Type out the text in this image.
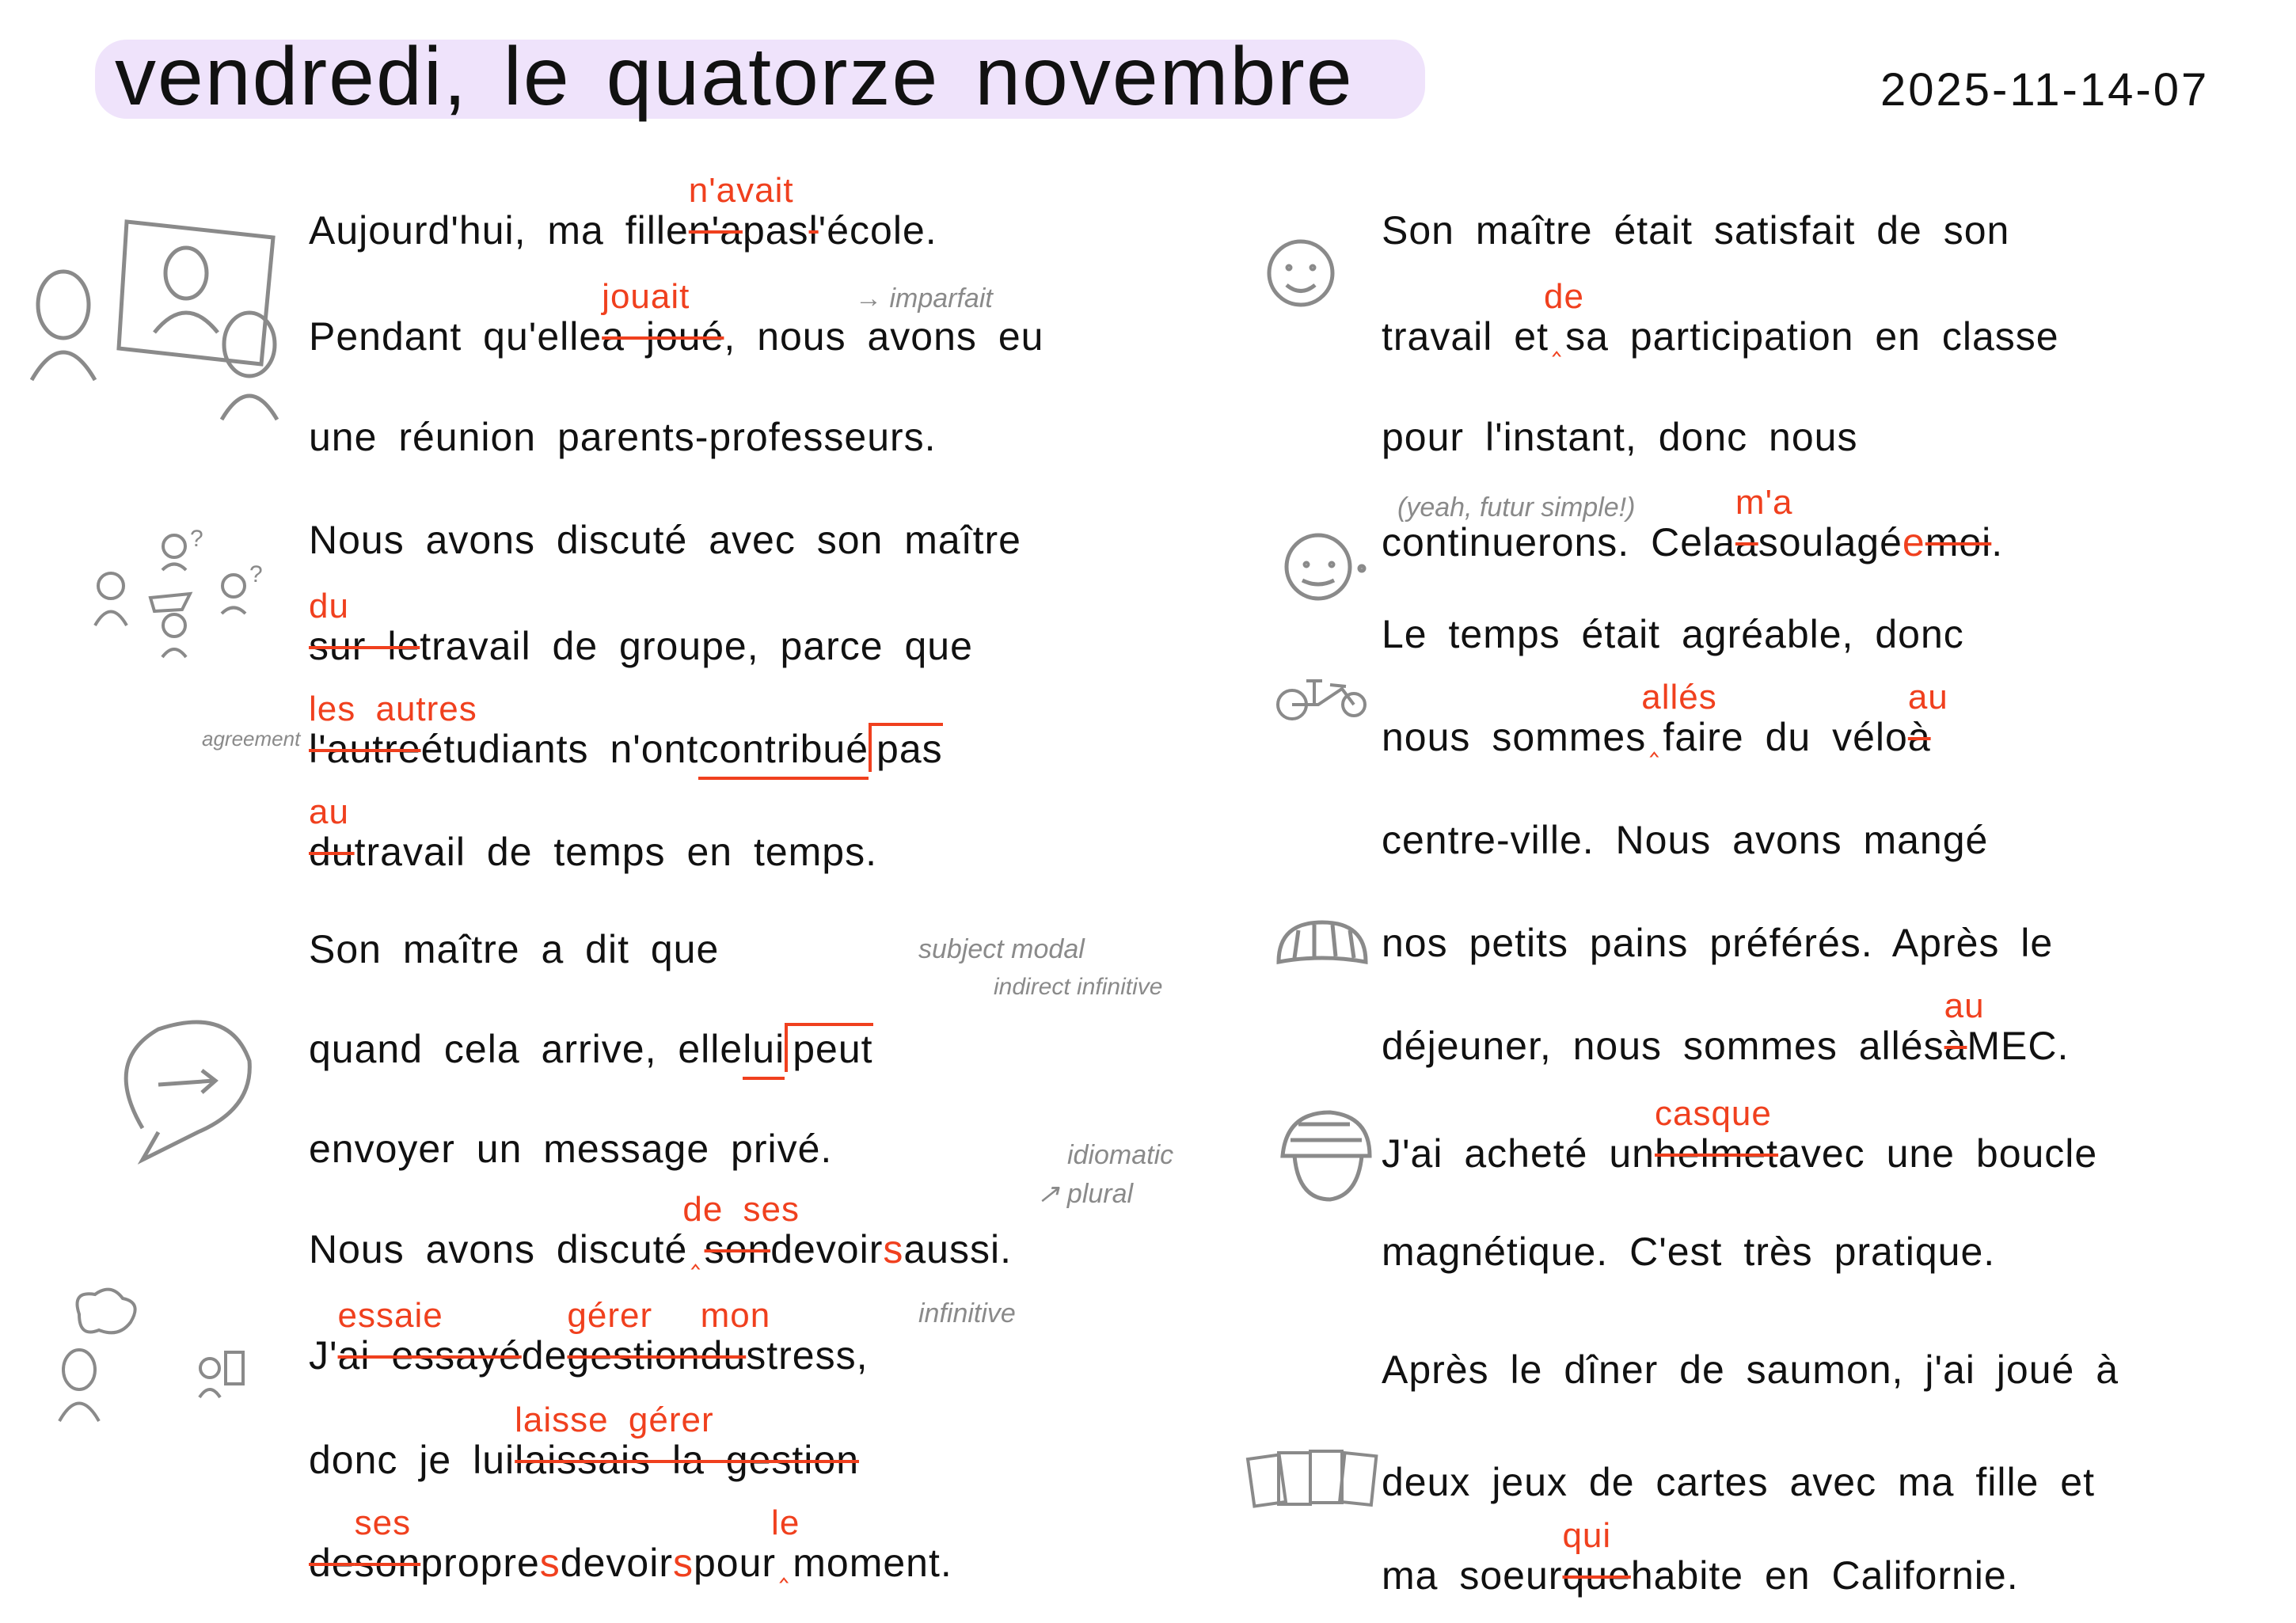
vendredi, le quatorze novembre	2025-11-14-07
Aujourd'hui, ma fillen'a
n'avait
pasl'école.
Pendant qu'ellea joué
jouait
, nous avons eu
une réunion parents-professeurs.
Nous avons discuté avec son maître
sur le
du
travail de groupe, parce que
l'autre
les autres
étudiants n'ontcontribué pas
du
au
travail de temps en temps.
Son maître a dit que
quand cela arrive, ellelui peut
envoyer un message privé.
Nous avons discuté ‸
de ses
sondevoirsaussi.
J'ai essayé
essaie
degestion
gérer
du
mon
stress,
donc je luilaissais la gestion
laisse gérer
deson
ses
propresdevoirspour ‸
le
moment.
Son maître était satisfait de son
travail et ‸
de
sa participation en classe
pour l'instant, donc nous
continuerons. Celaa
m'a
soulagéemoi.
Le temps était agréable, donc
nous sommes ‸
allés
faire du véloà
au
centre-ville. Nous avons mangé
nos petits pains préférés. Après le
déjeuner, nous sommes allésà
au
MEC.
J'ai acheté unhelmet
casque
avec une boucle
magnétique. C'est très pratique.
Après le dîner de saumon, j'ai joué à
deux jeux de cartes avec ma fille et
ma soeurque
qui
habite en Californie.
→ imparfait
agreement
subject modal
indirect infinitive
idiomatic
↗ plural
infinitive
(yeah, futur simple!)
?
?
